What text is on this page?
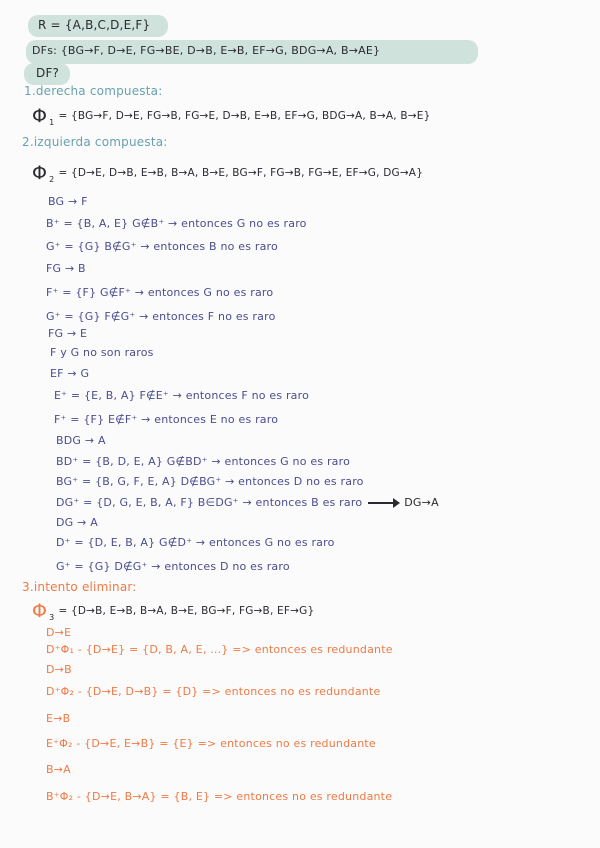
R = {A,B,C,D,E,F}
DFs: {BG→F, D→E, FG→BE, D→B, E→B, EF→G, BDG→A, B→AE}
DF?
1.derecha compuesta:
Φ $_1$= {BG→F, D→E, FG→B, FG→E, D→B, E→B, EF→G, BDG→A, B→A, B→E}
2.izquierda compuesta:
Φ $_2$= {D→E, D→B, E→B, B→A, B→E, BG→F, FG→B, FG→E, EF→G, DG→A}
BG → F
B⁺ = {B, A, E} G∉B⁺ → entonces G no es raro
G⁺ = {G} B∉G⁺ → entonces B no es raro
FG → B
F⁺ = {F} G∉F⁺ → entonces G no es raro
G⁺ = {G} F∉G⁺ → entonces F no es raro
FG → E
F y G no son raros
EF → G
E⁺ = {E, B, A} F∉E⁺ → entonces F no es raro
F⁺ = {F} E∉F⁺ → entonces E no es raro
BDG → A
BD⁺ = {B, D, E, A} G∉BD⁺ → entonces G no es raro
BG⁺ = {B, G, F, E, A} D∉BG⁺ → entonces D no es raro
DG⁺ = {D, G, E, B, A, F} B∈DG⁺ → entonces B es raro	DG→A
DG → A
D⁺ = {D, E, B, A} G∉D⁺ → entonces G no es raro
G⁺ = {G} D∉G⁺ → entonces D no es raro
3.intento eliminar:
Φ $_3$= {D→B, E→B, B→A, B→E, BG→F, FG→B, EF→G}
D→E
D⁺Φ₁ - {D→E} = {D, B, A, E, ...} => entonces es redundante
D→B
D⁺Φ₂ - {D→E, D→B} = {D} => entonces no es redundante
E→B
E⁺Φ₂ - {D→E, E→B} = {E} => entonces no es redundante
B→A
B⁺Φ₂ - {D→E, B→A} = {B, E} => entonces no es redundante
